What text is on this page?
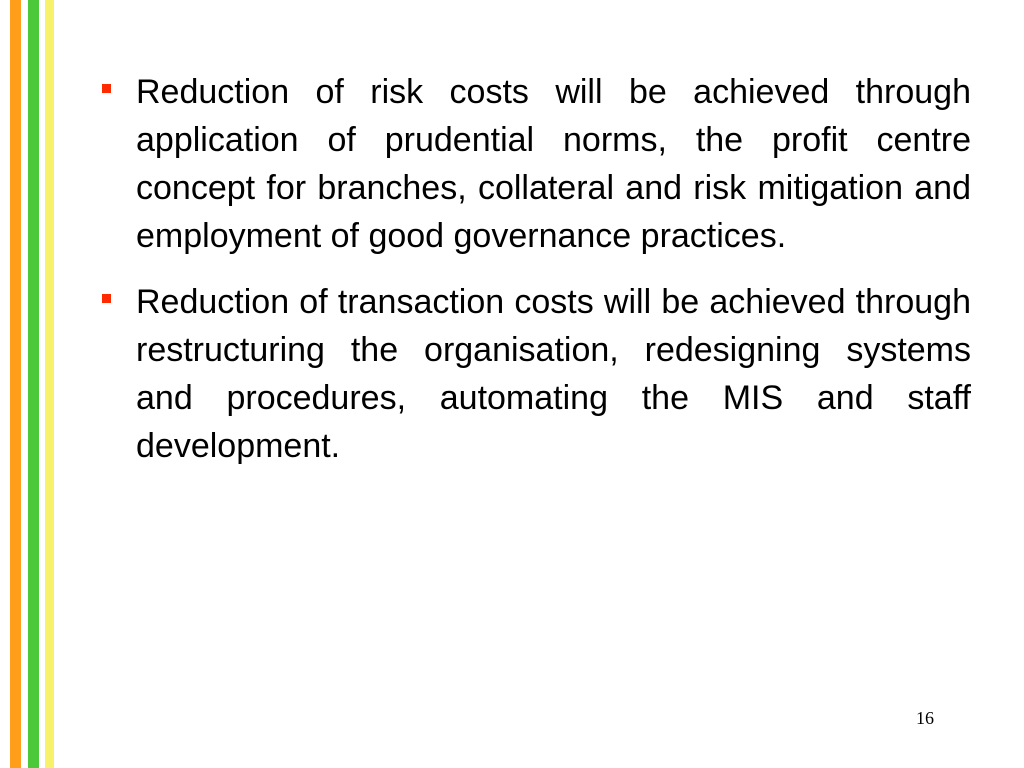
Reduction of risk costs will be achieved through application of prudential norms, the profit centre concept for branches, collateral and risk mitigation and employment of good governance practices.

Reduction of transaction costs will be achieved through restructuring the organisation, redesigning systems and procedures, automating the MIS and staff development.

16
